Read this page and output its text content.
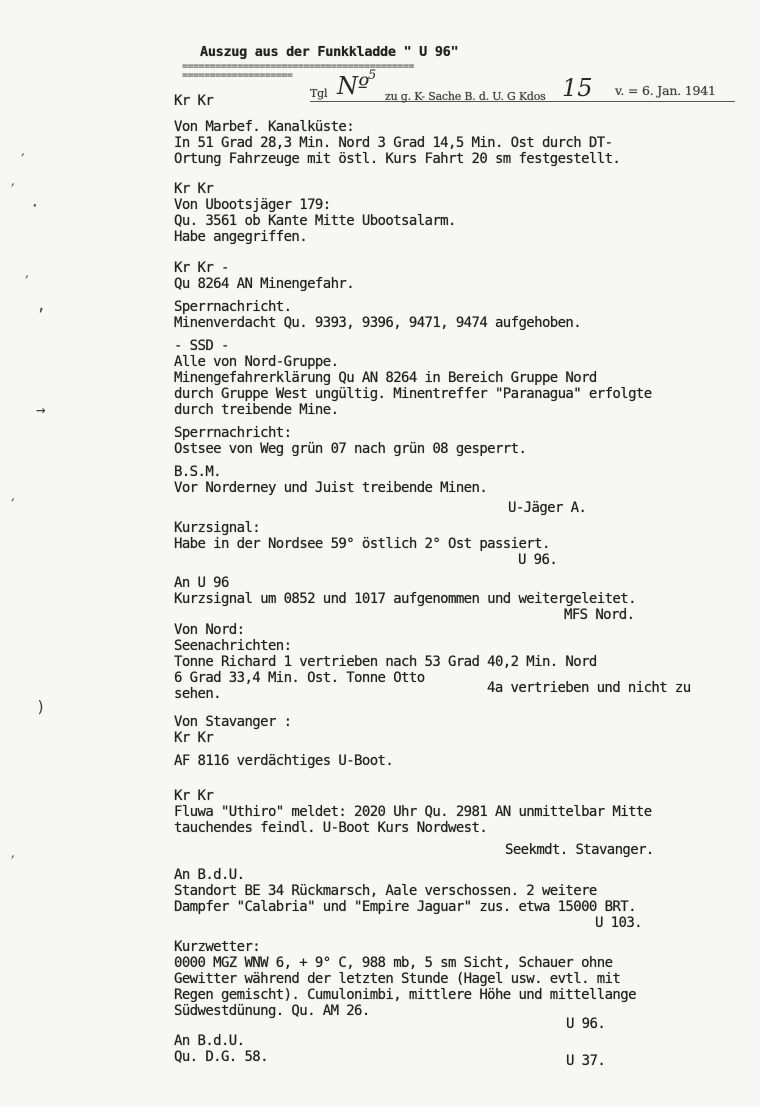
Auszug aus der Funkkladde " U 96"
==========================================
====================
Tgl Nº
5
zu g. K- Sache B. d. U. G Kdos 15 v. = 6. Jan. 1941
Kr Kr
Von Marbef. Kanalküste:
In 51 Grad 28,3 Min. Nord 3 Grad 14,5 Min. Ost durch DT-
Ortung Fahrzeuge mit östl. Kurs Fahrt 20 sm festgestellt.
Kr Kr
Von Ubootsjäger 179:
Qu. 3561 ob Kante Mitte Ubootsalarm.
Habe angegriffen.
Kr Kr -
Qu 8264 AN Minengefahr.
Sperrnachricht.
Minenverdacht Qu. 9393, 9396, 9471, 9474 aufgehoben.
- SSD -
Alle von Nord-Gruppe.
Minengefahrerklärung Qu AN 8264 in Bereich Gruppe Nord
durch Gruppe West ungültig. Minentreffer "Paranagua" erfolgte
durch treibende Mine.
Sperrnachricht:
Ostsee von Weg grün 07 nach grün 08 gesperrt.
B.S.M.
Vor Norderney und Juist treibende Minen.
U-Jäger A.
Kurzsignal:
Habe in der Nordsee 59° östlich 2° Ost passiert.
U 96.
An U 96
Kurzsignal um 0852 und 1017 aufgenommen und weitergeleitet.
MFS Nord.
Von Nord:
Seenachrichten:
Tonne Richard 1 vertrieben nach 53 Grad 40,2 Min. Nord
6 Grad 33,4 Min. Ost. Tonne Otto
4a vertrieben und nicht zu
sehen.
Von Stavanger :
Kr Kr
AF 8116 verdächtiges U-Boot.
Kr Kr
Fluwa "Uthiro" meldet: 2020 Uhr Qu. 2981 AN unmittelbar Mitte
tauchendes feindl. U-Boot Kurs Nordwest.
Seekmdt. Stavanger.
An B.d.U.
Standort BE 34 Rückmarsch, Aale verschossen. 2 weitere
Dampfer "Calabria" und "Empire Jaguar" zus. etwa 15000 BRT.
U 103.
Kurzwetter:
0000 MGZ WNW 6, + 9° C, 988 mb, 5 sm Sicht, Schauer ohne
Gewitter während der letzten Stunde (Hagel usw. evtl. mit
Regen gemischt). Cumulonimbi, mittlere Höhe und mittellange
Südwestdünung. Qu. AM 26.
U 96.
An B.d.U.
Qu. D.G. 58.	U 37.
′
′
·
′
ʼ
→
′
)
′
